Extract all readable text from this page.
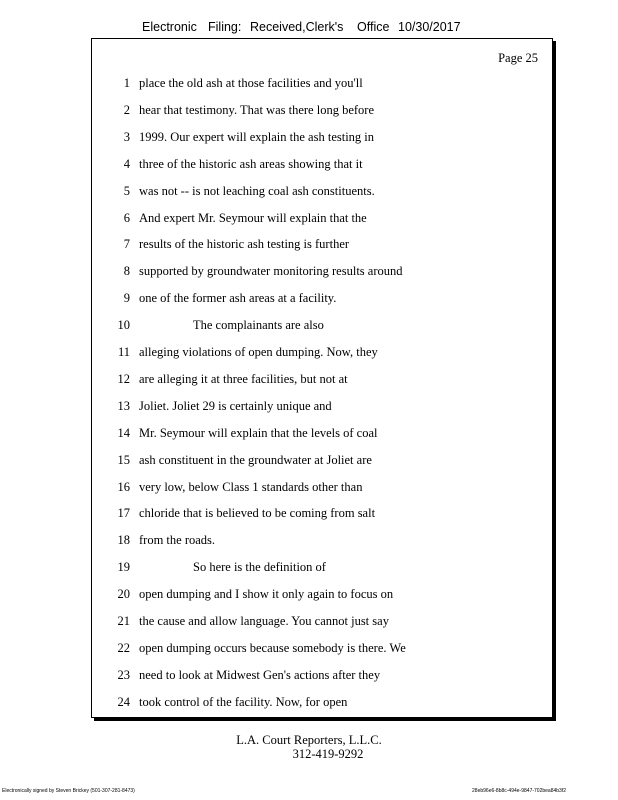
Electronic Filing: Received,Clerk's Office 10/30/2017
Page 25
1 place the old ash at those facilities and you'll
2 hear that testimony. That was there long before
3 1999. Our expert will explain the ash testing in
4 three of the historic ash areas showing that it
5 was not -- is not leaching coal ash constituents.
6 And expert Mr. Seymour will explain that the
7 results of the historic ash testing is further
8 supported by groundwater monitoring results around
9 one of the former ash areas at a facility.
10	The complainants are also
11 alleging violations of open dumping. Now, they
12 are alleging it at three facilities, but not at
13 Joliet. Joliet 29 is certainly unique and
14 Mr. Seymour will explain that the levels of coal
15 ash constituent in the groundwater at Joliet are
16 very low, below Class 1 standards other than
17 chloride that is believed to be coming from salt
18 from the roads.
19	So here is the definition of
20 open dumping and I show it only again to focus on
21 the cause and allow language. You cannot just say
22 open dumping occurs because somebody is there. We
23 need to look at Midwest Gen's actions after they
24 took control of the facility. Now, for open
L.A. Court Reporters, L.L.C.
312-419-9292
Electronically signed by Steven Brickey (501-307-281-8473)	28eb96e6-8b8c-494e-9847-702bea84b3f2
